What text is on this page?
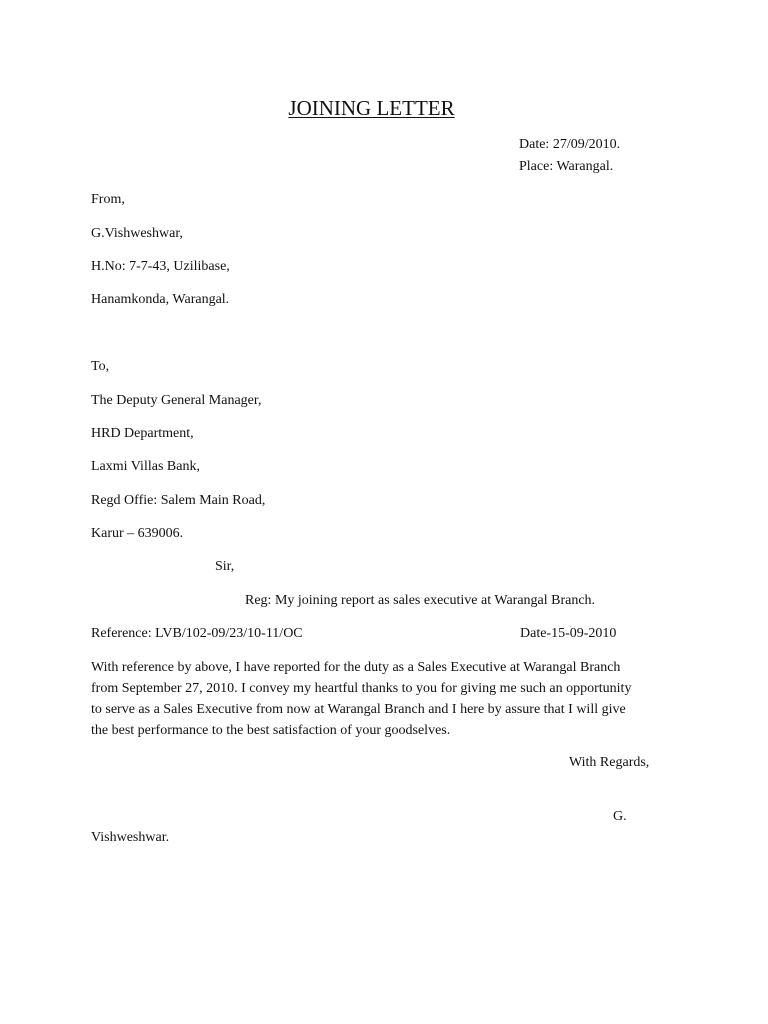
JOINING LETTER
Date: 27/09/2010.
Place: Warangal.
From,
G.Vishweshwar,
H.No: 7-7-43, Uzilibase,
Hanamkonda, Warangal.
To,
The Deputy General Manager,
HRD Department,
Laxmi Villas Bank,
Regd Offie: Salem Main Road,
Karur – 639006.
Sir,
Reg: My joining report as sales executive at Warangal Branch.
Reference: LVB/102-09/23/10-11/OC	Date-15-09-2010
With reference by above, I have reported for the duty as a Sales Executive at Warangal Branch
from September 27, 2010. I convey my heartful thanks to you for giving me such an opportunity
to serve as a Sales Executive from now at Warangal Branch and I here by assure that I will give
the best performance to the best satisfaction of your goodselves.
With Regards,
G.
Vishweshwar.
